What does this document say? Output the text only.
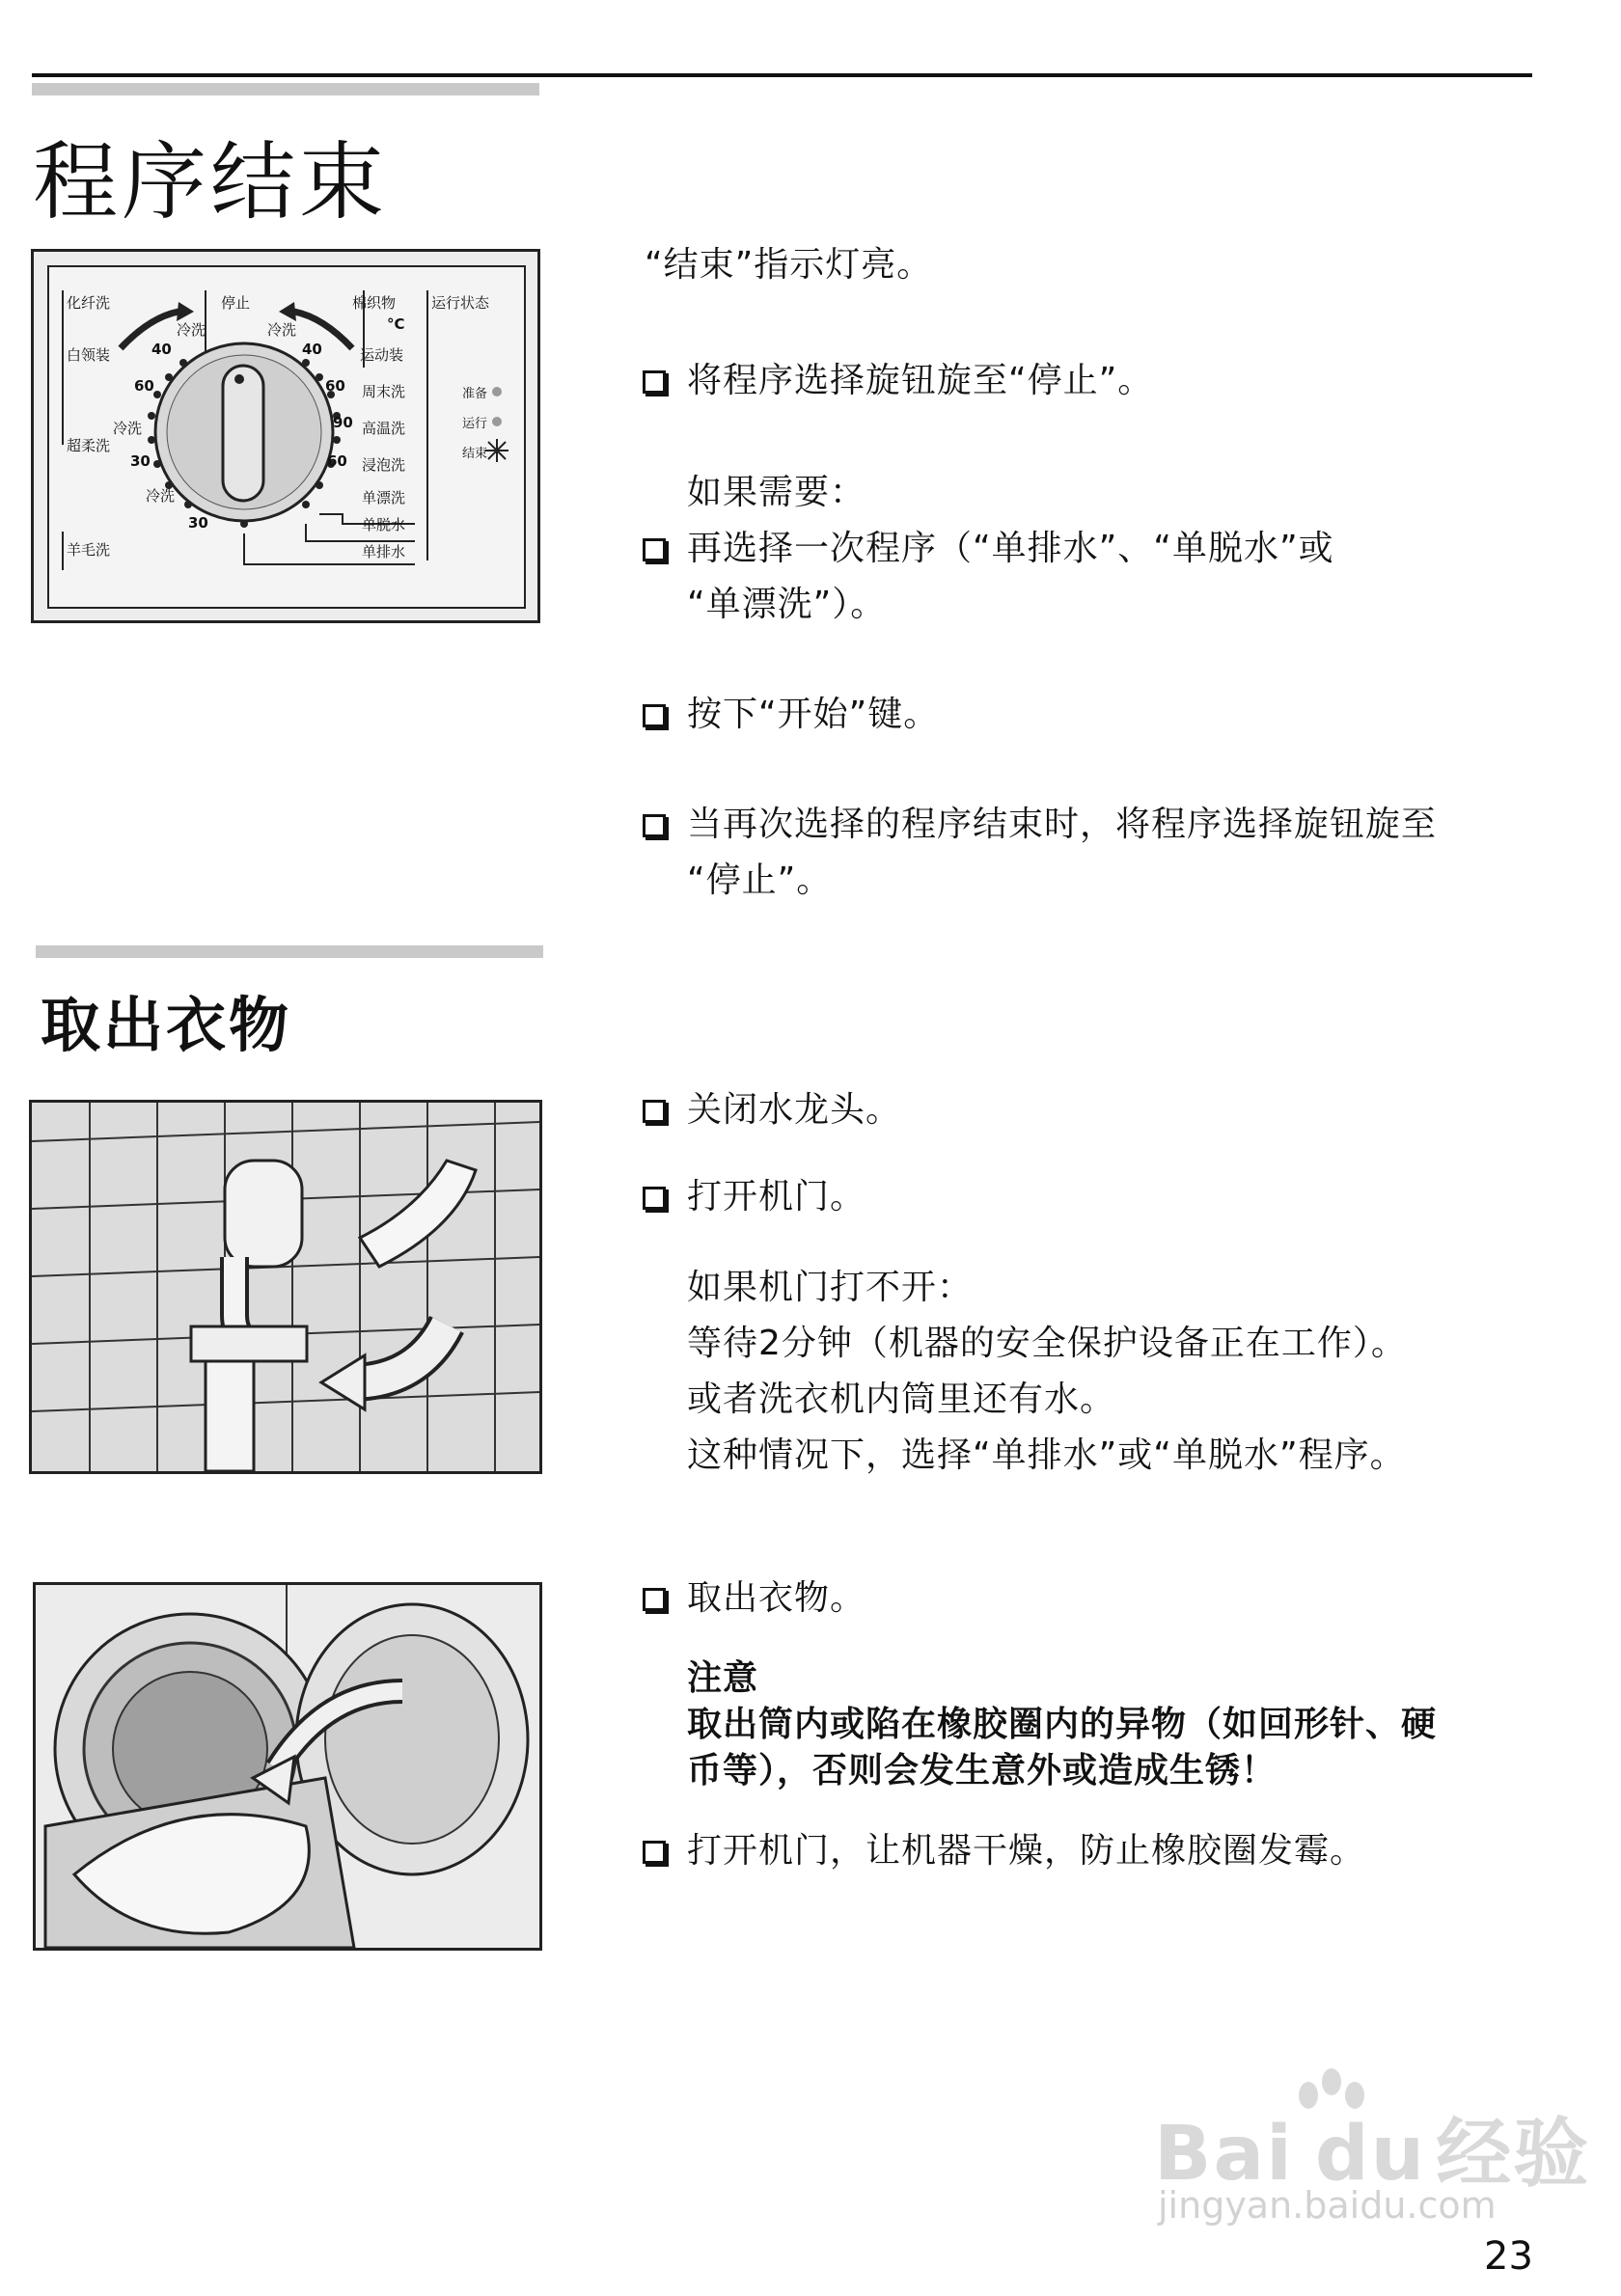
程序结束
化纤洗
白领装
超柔洗
羊毛洗
冷洗
40
60
冷洗
30
停止
冷洗
30
棉织物
°C
冷洗
40
60
90
60
运动装
周末洗
高温洗
浸泡洗
单漂洗
单脱水
单排水
运行状态
准备
运行
结束
“结束”指示灯亮。
将程序选择旋钮旋至“停止”。
如果需要：
再选择一次程序（“单排水”、“单脱水”或
“单漂洗”）。
按下“开始”键。
当再次选择的程序结束时，将程序选择旋钮旋至
“停止”。
取出衣物
关闭水龙头。
打开机门。
如果机门打不开：
等待2分钟（机器的安全保护设备正在工作）。
或者洗衣机内筒里还有水。
这种情况下，选择“单排水”或“单脱水”程序。
取出衣物。
注意
取出筒内或陷在橡胶圈内的异物（如回形针、硬
币等），否则会发生意外或造成生锈！
打开机门，让机器干燥，防止橡胶圈发霉。
Bai du 经验
jingyan.baidu.com
23
